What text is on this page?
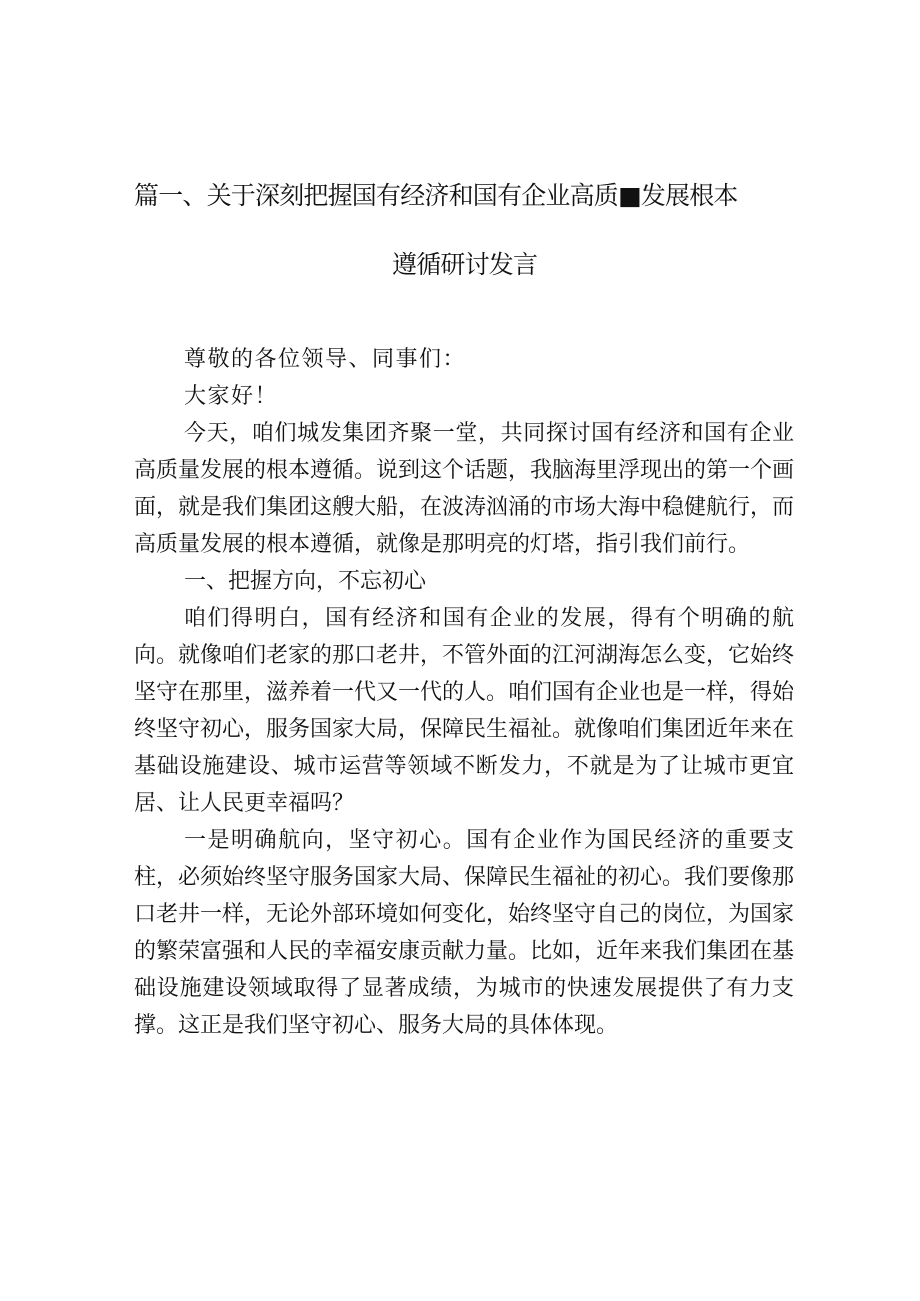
篇一、关于深刻把握国有经济和国有企业高质■发展根本
遵循研讨发言

尊敬的各位领导、同事们：

大家好！

今天，咱们城发集团齐聚一堂，共同探讨国有经济和国有企业高质量发展的根本遵循。说到这个话题，我脑海里浮现出的第一个画面，就是我们集团这艘大船，在波涛汹涌的市场大海中稳健航行，而高质量发展的根本遵循，就像是那明亮的灯塔，指引我们前行。

一、把握方向，不忘初心

咱们得明白，国有经济和国有企业的发展，得有个明确的航向。就像咱们老家的那口老井，不管外面的江河湖海怎么变，它始终坚守在那里，滋养着一代又一代的人。咱们国有企业也是一样，得始终坚守初心，服务国家大局，保障民生福祉。就像咱们集团近年来在基础设施建设、城市运营等领域不断发力，不就是为了让城市更宜居、让人民更幸福吗？

一是明确航向，坚守初心。国有企业作为国民经济的重要支柱，必须始终坚守服务国家大局、保障民生福祉的初心。我们要像那口老井一样，无论外部环境如何变化，始终坚守自己的岗位，为国家的繁荣富强和人民的幸福安康贡献力量。比如，近年来我们集团在基础设施建设领域取得了显著成绩，为城市的快速发展提供了有力支撑。这正是我们坚守初心、服务大局的具体体现。
